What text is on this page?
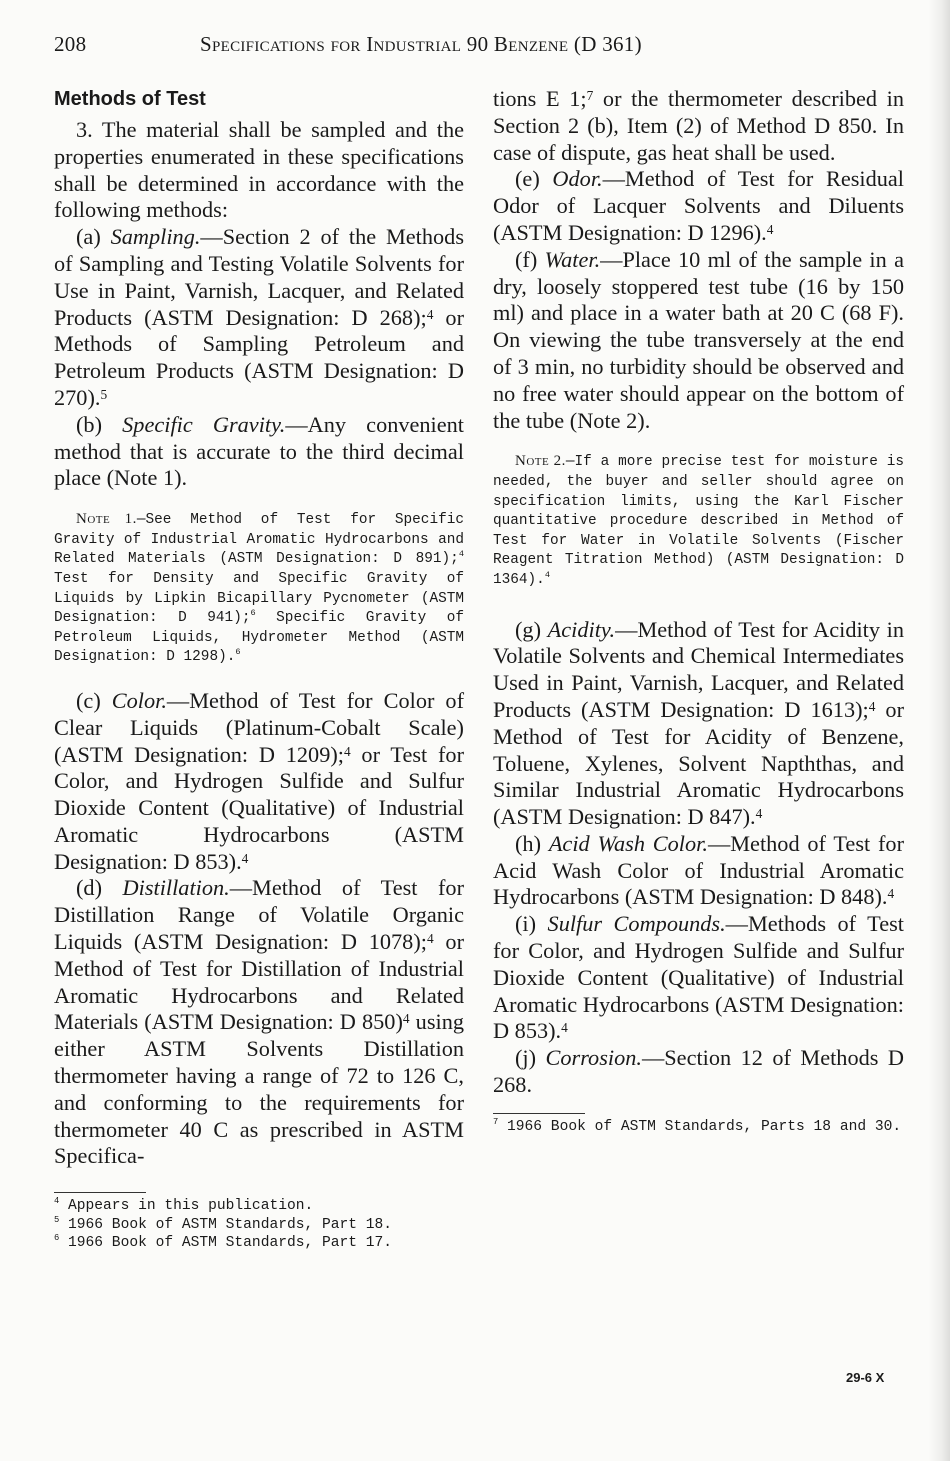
208	Specifications for Industrial 90 Benzene (D 361)
Methods of Test

3. The material shall be sampled and the properties enumerated in these specifications shall be determined in accordance with the following methods:

(a) Sampling.—Section 2 of the Methods of Sampling and Testing Volatile Solvents for Use in Paint, Varnish, Lacquer, and Related Products (ASTM Designation: D 268);$^4$ or Methods of Sampling Petroleum and Petroleum Products (ASTM Designation: D 270).$^5$

(b) Specific Gravity.—Any convenient method that is accurate to the third decimal place (Note 1).

Note 1.—See Method of Test for Specific Gravity of Industrial Aromatic Hydrocarbons and Related Materials (ASTM Designation: D 891);$^4$ Test for Density and Specific Gravity of Liquids by Lipkin Bicapillary Pycnometer (ASTM Designation: D 941);$^6$ Specific Gravity of Petroleum Liquids, Hydrometer Method (ASTM Designation: D 1298).$^6$

(c) Color.—Method of Test for Color of Clear Liquids (Platinum-Cobalt Scale) (ASTM Designation: D 1209);$^4$ or Test for Color, and Hydrogen Sulfide and Sulfur Dioxide Content (Qualitative) of Industrial Aromatic Hydrocarbons (ASTM Designation: D 853).$^4$

(d) Distillation.—Method of Test for Distillation Range of Volatile Organic Liquids (ASTM Designation: D 1078);$^4$ or Method of Test for Distillation of Industrial Aromatic Hydrocarbons and Related Materials (ASTM Designation: D 850)$^4$ using either ASTM Solvents Distillation thermometer having a range of 72 to 126 C, and conforming to the requirements for thermometer 40 C as prescribed in ASTM Specifica-

$^4$ Appears in this publication.

$^5$ 1966 Book of ASTM Standards, Part 18.

$^6$ 1966 Book of ASTM Standards, Part 17.

tions E 1;$^7$ or the thermometer described in Section 2 (b), Item (2) of Method D 850. In case of dispute, gas heat shall be used.

(e) Odor.—Method of Test for Residual Odor of Lacquer Solvents and Diluents (ASTM Designation: D 1296).$^4$

(f) Water.—Place 10 ml of the sample in a dry, loosely stoppered test tube (16 by 150 ml) and place in a water bath at 20 C (68 F). On viewing the tube transversely at the end of 3 min, no turbidity should be observed and no free water should appear on the bottom of the tube (Note 2).

Note 2.—If a more precise test for moisture is needed, the buyer and seller should agree on specification limits, using the Karl Fischer quantitative procedure described in Method of Test for Water in Volatile Solvents (Fischer Reagent Titration Method) (ASTM Designation: D 1364).$^4$

(g) Acidity.—Method of Test for Acidity in Volatile Solvents and Chemical Intermediates Used in Paint, Varnish, Lacquer, and Related Products (ASTM Designation: D 1613);$^4$ or Method of Test for Acidity of Benzene, Toluene, Xylenes, Solvent Napththas, and Similar Industrial Aromatic Hydrocarbons (ASTM Designation: D 847).$^4$

(h) Acid Wash Color.—Method of Test for Acid Wash Color of Industrial Aromatic Hydrocarbons (ASTM Designation: D 848).$^4$

(i) Sulfur Compounds.—Methods of Test for Color, and Hydrogen Sulfide and Sulfur Dioxide Content (Qualitative) of Industrial Aromatic Hydrocarbons (ASTM Designation: D 853).$^4$

(j) Corrosion.—Section 12 of Methods D 268.

$^7$ 1966 Book of ASTM Standards, Parts 18 and 30.

29-6 X
